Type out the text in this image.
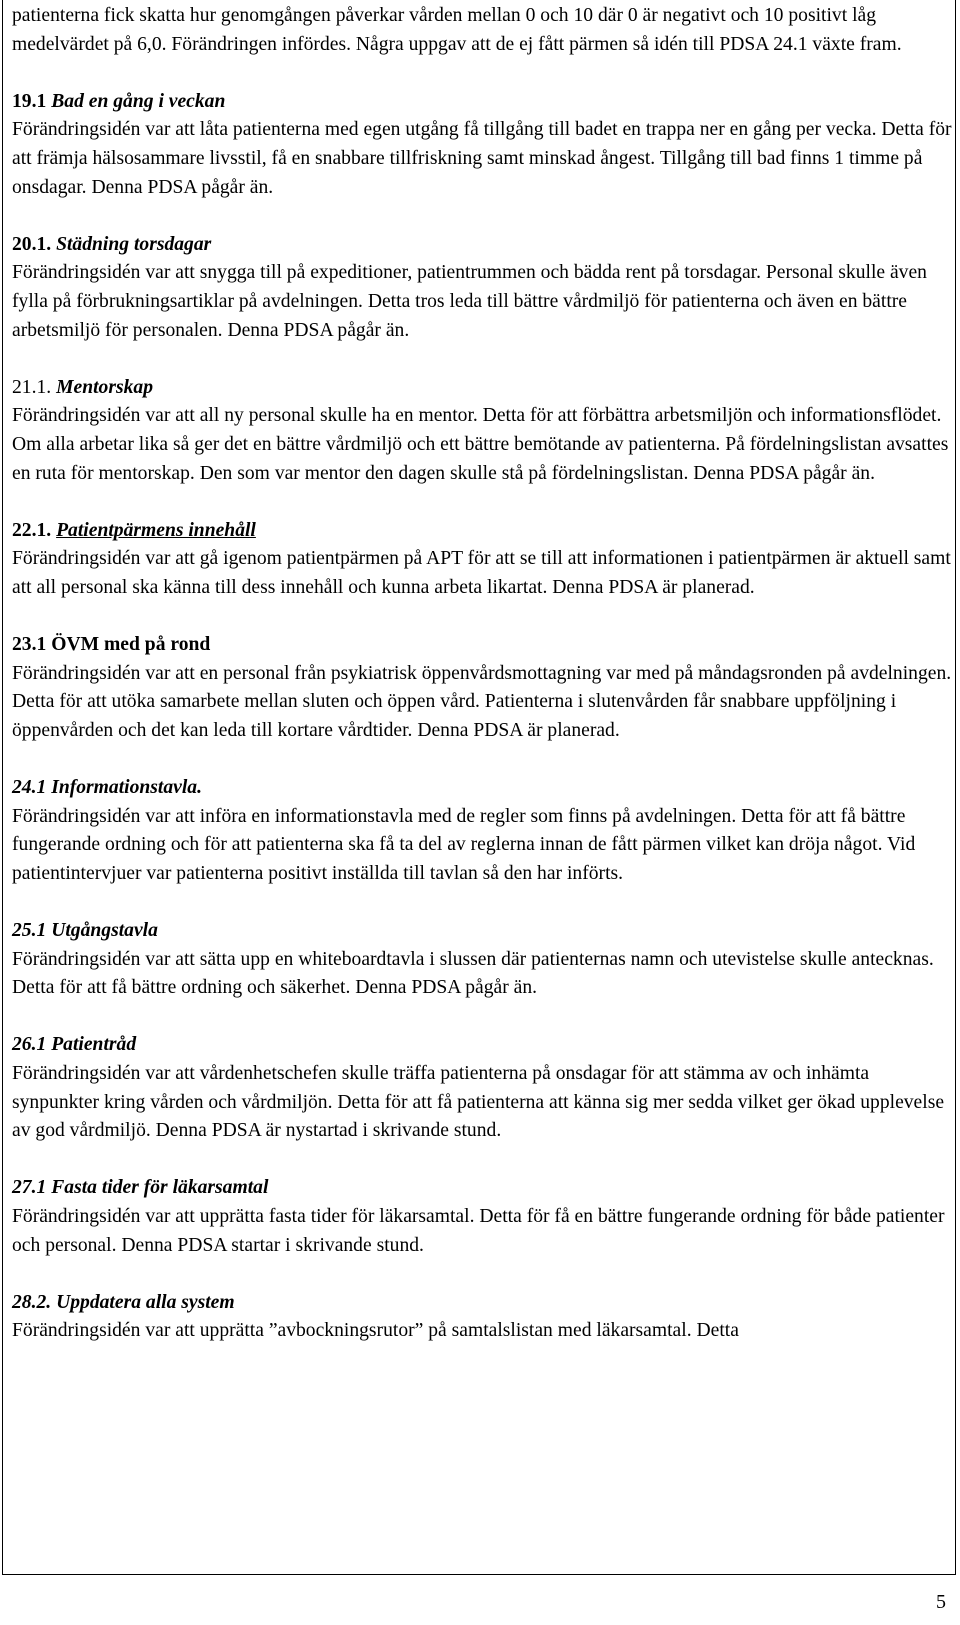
patienterna fick skatta hur genomgången påverkar vården mellan 0 och 10 där 0 är negativt och 10 positivt låg medelvärdet på 6,0. Förändringen infördes. Några uppgav att de ej fått pärmen så idén till PDSA 24.1 växte fram.

19.1 Bad en gång i veckan

Förändringsidén var att låta patienterna med egen utgång få tillgång till badet en trappa ner en gång per vecka. Detta för att främja hälsosammare livsstil, få en snabbare tillfriskning samt minskad ångest. Tillgång till bad finns 1 timme på onsdagar. Denna PDSA pågår än.

20.1. Städning torsdagar

Förändringsidén var att snygga till på expeditioner, patientrummen och bädda rent på torsdagar. Personal skulle även fylla på förbrukningsartiklar på avdelningen. Detta tros leda till bättre vårdmiljö för patienterna och även en bättre arbetsmiljö för personalen. Denna PDSA pågår än.

21.1. Mentorskap

Förändringsidén var att all ny personal skulle ha en mentor. Detta för att förbättra arbetsmiljön och informationsflödet. Om alla arbetar lika så ger det en bättre vårdmiljö och ett bättre bemötande av patienterna. På fördelningslistan avsattes en ruta för mentorskap. Den som var mentor den dagen skulle stå på fördelningslistan. Denna PDSA pågår än.

22.1. Patientpärmens innehåll

Förändringsidén var att gå igenom patientpärmen på APT för att se till att informationen i patientpärmen är aktuell samt att all personal ska känna till dess innehåll och kunna arbeta likartat. Denna PDSA är planerad.

23.1 ÖVM med på rond

Förändringsidén var att en personal från psykiatrisk öppenvårdsmottagning var med på måndagsronden på avdelningen. Detta för att utöka samarbete mellan sluten och öppen vård. Patienterna i slutenvården får snabbare uppföljning i öppenvården och det kan leda till kortare vårdtider. Denna PDSA är planerad.

24.1 Informationstavla.

Förändringsidén var att införa en informationstavla med de regler som finns på avdelningen. Detta för att få bättre fungerande ordning och för att patienterna ska få ta del av reglerna innan de fått pärmen vilket kan dröja något. Vid patientintervjuer var patienterna positivt inställda till tavlan så den har införts.

25.1 Utgångstavla

Förändringsidén var att sätta upp en whiteboardtavla i slussen där patienternas namn och utevistelse skulle antecknas. Detta för att få bättre ordning och säkerhet. Denna PDSA pågår än.

26.1 Patientråd

Förändringsidén var att vårdenhetschefen skulle träffa patienterna på onsdagar för att stämma av och inhämta synpunkter kring vården och vårdmiljön. Detta för att få patienterna att känna sig mer sedda vilket ger ökad upplevelse av god vårdmiljö. Denna PDSA är nystartad i skrivande stund.

27.1 Fasta tider för läkarsamtal

Förändringsidén var att upprätta fasta tider för läkarsamtal. Detta för få en bättre fungerande ordning för både patienter och personal. Denna PDSA startar i skrivande stund.

28.2. Uppdatera alla system

Förändringsidén var att upprätta ”avbockningsrutor” på samtalslistan med läkarsamtal. Detta

5
